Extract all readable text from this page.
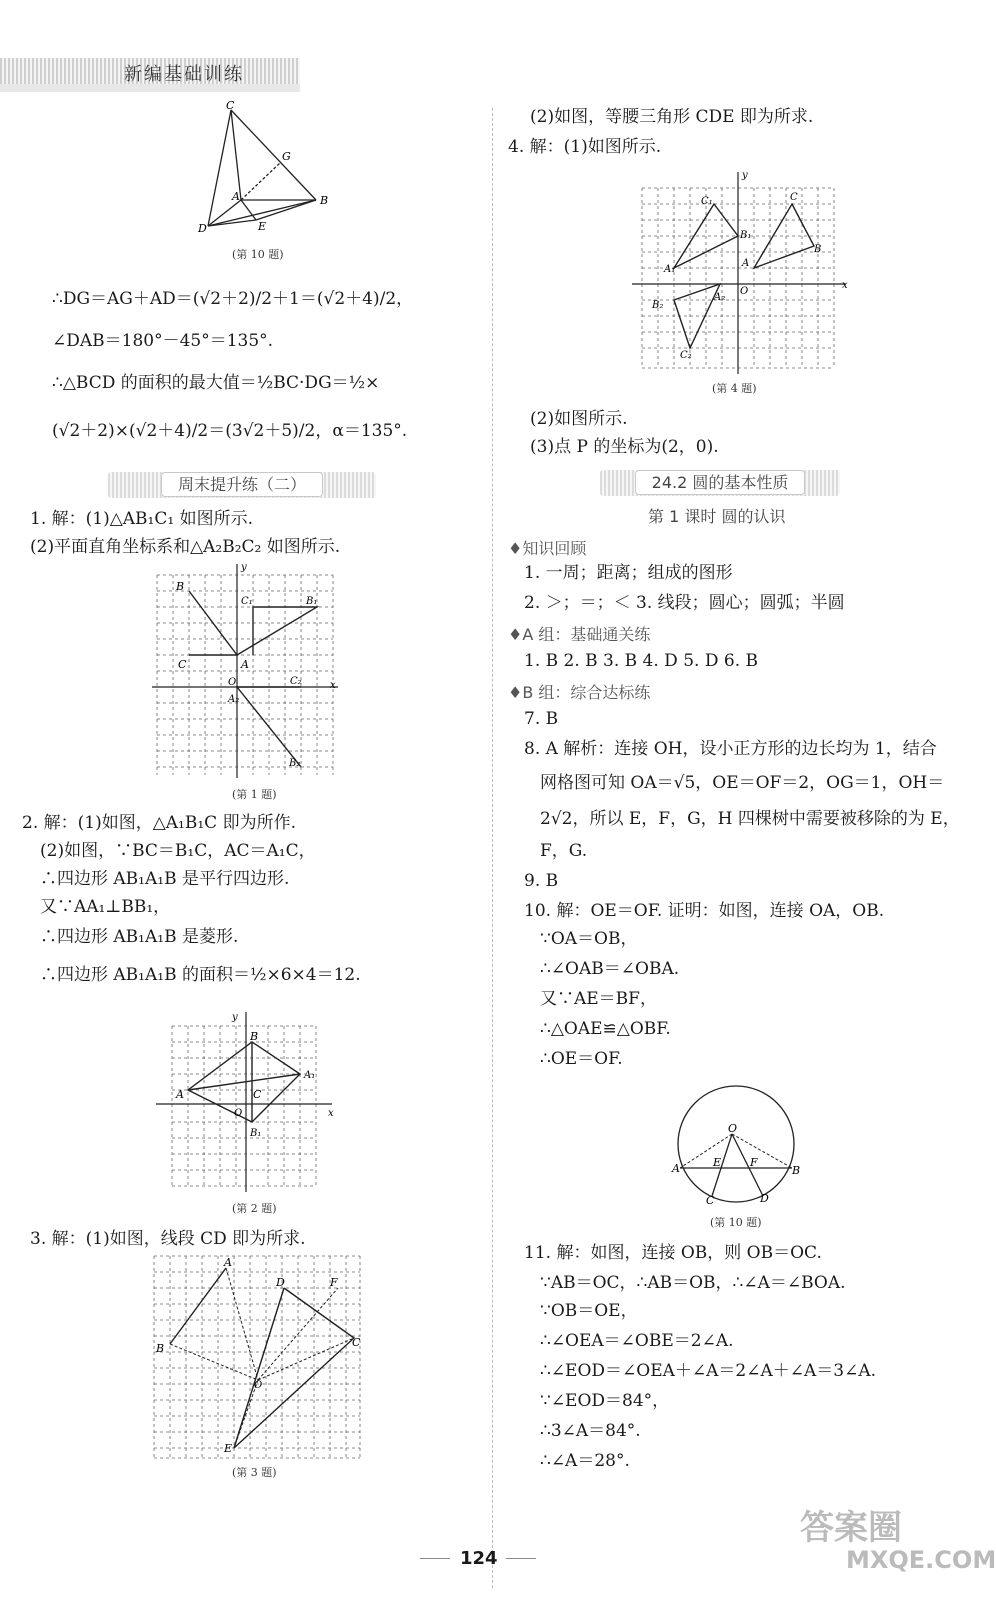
新编基础训练
C
G
A	B
D	E
(第 10 题)
∴DG＝AG＋AD＝(√2＋2)/2＋1＝(√2＋4)/2，
∠DAB＝180°－45°＝135°.
∴△BCD 的面积的最大值＝½BC·DG＝½×
(√2＋2)×(√2＋4)/2＝(3√2＋5)/2，α＝135°.
周末提升练（二）
1. 解：(1)△AB₁C₁ 如图所示.
(2)平面直角坐标系和△A₂B₂C₂ 如图所示.
x
y
B
B₁
C₁
C	A
O
A₂
C₂
B₂
(第 1 题)
2. 解：(1)如图，△A₁B₁C 即为所作.
(2)如图，∵BC＝B₁C，AC＝A₁C，
∴四边形 AB₁A₁B 是平行四边形.
又∵AA₁⊥BB₁，
∴四边形 AB₁A₁B 是菱形.
∴四边形 AB₁A₁B 的面积＝½×6×4＝12.
x
y
B
A₁
A	C
O
B₁
(第 2 题)
3. 解：(1)如图，线段 CD 即为所求.
A
D	F
B	C
O
E
(第 3 题)
(2)如图，等腰三角形 CDE 即为所求.
4. 解：(1)如图所示.
x
y
C₁	C
B₁
B
A₁
A
O
B₂
A₂
C₂
(第 4 题)
(2)如图所示.
(3)点 P 的坐标为(2，0).
24.2 圆的基本性质
第 1 课时 圆的认识
♦知识回顾
1. 一周；距离；组成的图形
2. ＞；＝；＜ 3. 线段；圆心；圆弧；半圆
♦A 组：基础通关练
1. B 2. B 3. B 4. D 5. D 6. B
♦B 组：综合达标练
7. B
8. A 解析：连接 OH，设小正方形的边长均为 1，结合
网格图可知 OA＝√5，OE＝OF＝2，OG＝1，OH＝
2√2，所以 E，F，G，H 四棵树中需要被移除的为 E，
F，G.
9. B
10. 解：OE＝OF. 证明：如图，连接 OA，OB.
∵OA＝OB，
∴∠OAB＝∠OBA.
又∵AE＝BF，
∴△OAE≌△OBF.
∴OE＝OF.
O
A	E	F
B
C	D
(第 10 题)
11. 解：如图，连接 OB，则 OB＝OC.
∵AB＝OC，∴AB＝OB，∴∠A＝∠BOA.
∵OB＝OE，
∴∠OEA＝∠OBE＝2∠A.
∴∠EOD＝∠OEA＋∠A＝2∠A＋∠A＝3∠A.
∵∠EOD＝84°，
∴3∠A＝84°.
∴∠A＝28°.
124
答案圈
MXQE.COM
